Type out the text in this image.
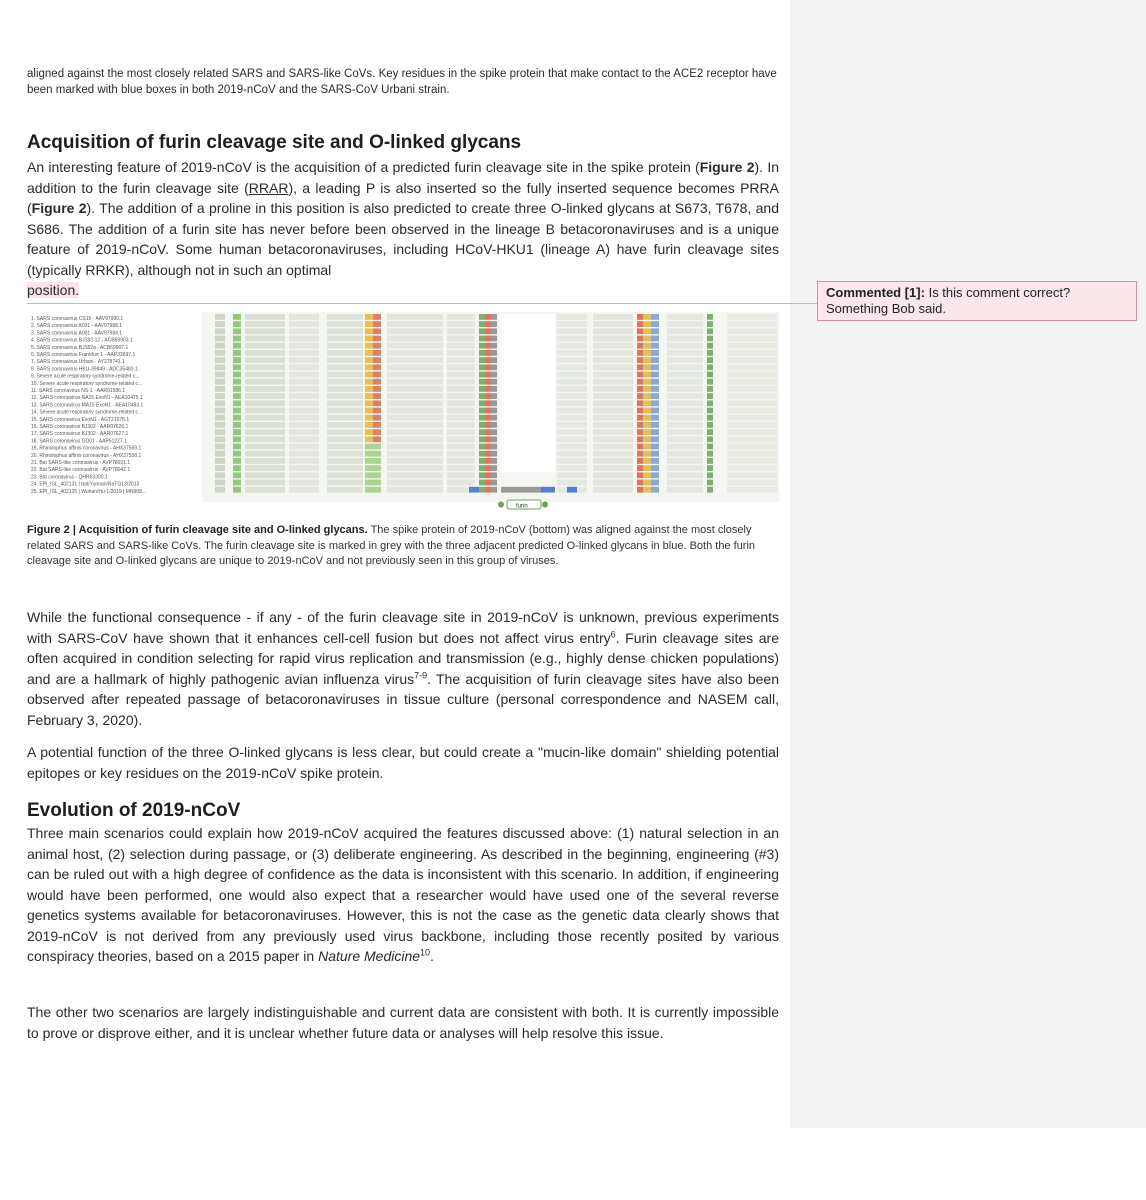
aligned against the most closely related SARS and SARS-like CoVs. Key residues in the spike protein that make contact to the ACE2 receptor have been marked with blue boxes in both 2019-nCoV and the SARS-CoV Urbani strain.

Acquisition of furin cleavage site and O-linked glycans

An interesting feature of 2019-nCoV is the acquisition of a predicted furin cleavage site in the spike protein (Figure 2). In addition to the furin cleavage site (RRAR), a leading P is also inserted so the fully inserted sequence becomes PRRA (Figure 2). The addition of a proline in this position is also predicted to create three O-linked glycans at S673, T678, and S686. The addition of a furin site has never before been observed in the lineage B betacoronaviruses and is a unique feature of 2019-nCoV. Some human betacoronaviruses, including HCoV-HKU1 (lineage A) have furin cleavage sites (typically RRKR), although not in such an optimal
position.	Commented [1]: Is this comment correct? Something Bob said.
1. SARS coronavirus CS15 - AAV97990.1
2. SARS coronavirus A031 - AAV97988.1
3. SARS coronavirus A001 - AAV97984.1
4. SARS coronavirus BJ182-12 - ACB69903.1
5. SARS coronavirus BJ182a - ACB69907.1
6. SARS coronavirus Frankfurt 1 - AAP33697.1
7. SARS coronavirus Urbani - AY278741.1
8. SARS coronavirus HKU-39849 - ADC35483.1
9. Severe acute respiratory syndrome-related c...
10. Severe acute respiratory syndrome-related c...
11. SARS coronavirus NS-1 - AAR91586.1
12. SARS coronavirus NA15 ExoN1 - AEA10475.1
13. SARS coronavirus MA15 ExoN1 - AEA10483.1
14. Severe acute respiratory syndrome-related c...
15. SARS coronavirus ExoN1 - AGT21078.1
16. SARS coronavirus BJ302 - AAR07626.1
17. SARS coronavirus BJ302 - AAR07627.1
18. SARS coronavirus GD01 - AAP51227.1
19. Rhinolophus affinis coronavirus - AHX37569.1
20. Rhinolophus affinis coronavirus - AHX37558.1
21. Bat SARS-like coronavirus - AVP78031.1
22. Bat SARS-like coronavirus - AVP78042.1
23. Bat coronavirus - QHR63300.1
24. EPI_ISL_402131 | bat/Yunnan/RaTG13/2013
25. EPI_ISL_402125 | Wuhan/Hu-1/2019 | MN908...
furin

Figure 2 | Acquisition of furin cleavage site and O-linked glycans. The spike protein of 2019-nCoV (bottom) was aligned against the most closely related SARS and SARS-like CoVs. The furin cleavage site is marked in grey with the three adjacent predicted O-linked glycans in blue. Both the furin cleavage site and O-linked glycans are unique to 2019-nCoV and not previously seen in this group of viruses.

While the functional consequence - if any - of the furin cleavage site in 2019-nCoV is unknown, previous experiments with SARS-CoV have shown that it enhances cell-cell fusion but does not affect virus entry$^6$. Furin cleavage sites are often acquired in condition selecting for rapid virus replication and transmission (e.g., highly dense chicken populations) and are a hallmark of highly pathogenic avian influenza virus$^{7-9}$. The acquisition of furin cleavage sites have also been observed after repeated passage of betacoronaviruses in tissue culture (personal correspondence and NASEM call, February 3, 2020).

A potential function of the three O-linked glycans is less clear, but could create a "mucin-like domain" shielding potential epitopes or key residues on the 2019-nCoV spike protein.

Evolution of 2019-nCoV

Three main scenarios could explain how 2019-nCoV acquired the features discussed above: (1) natural selection in an animal host, (2) selection during passage, or (3) deliberate engineering. As described in the beginning, engineering (#3) can be ruled out with a high degree of confidence as the data is inconsistent with this scenario. In addition, if engineering would have been performed, one would also expect that a researcher would have used one of the several reverse genetics systems available for betacoronaviruses. However, this is not the case as the genetic data clearly shows that 2019-nCoV is not derived from any previously used virus backbone, including those recently posited by various conspiracy theories, based on a 2015 paper in Nature Medicine$^{10}$.

The other two scenarios are largely indistinguishable and current data are consistent with both. It is currently impossible to prove or disprove either, and it is unclear whether future data or analyses will help resolve this issue.
